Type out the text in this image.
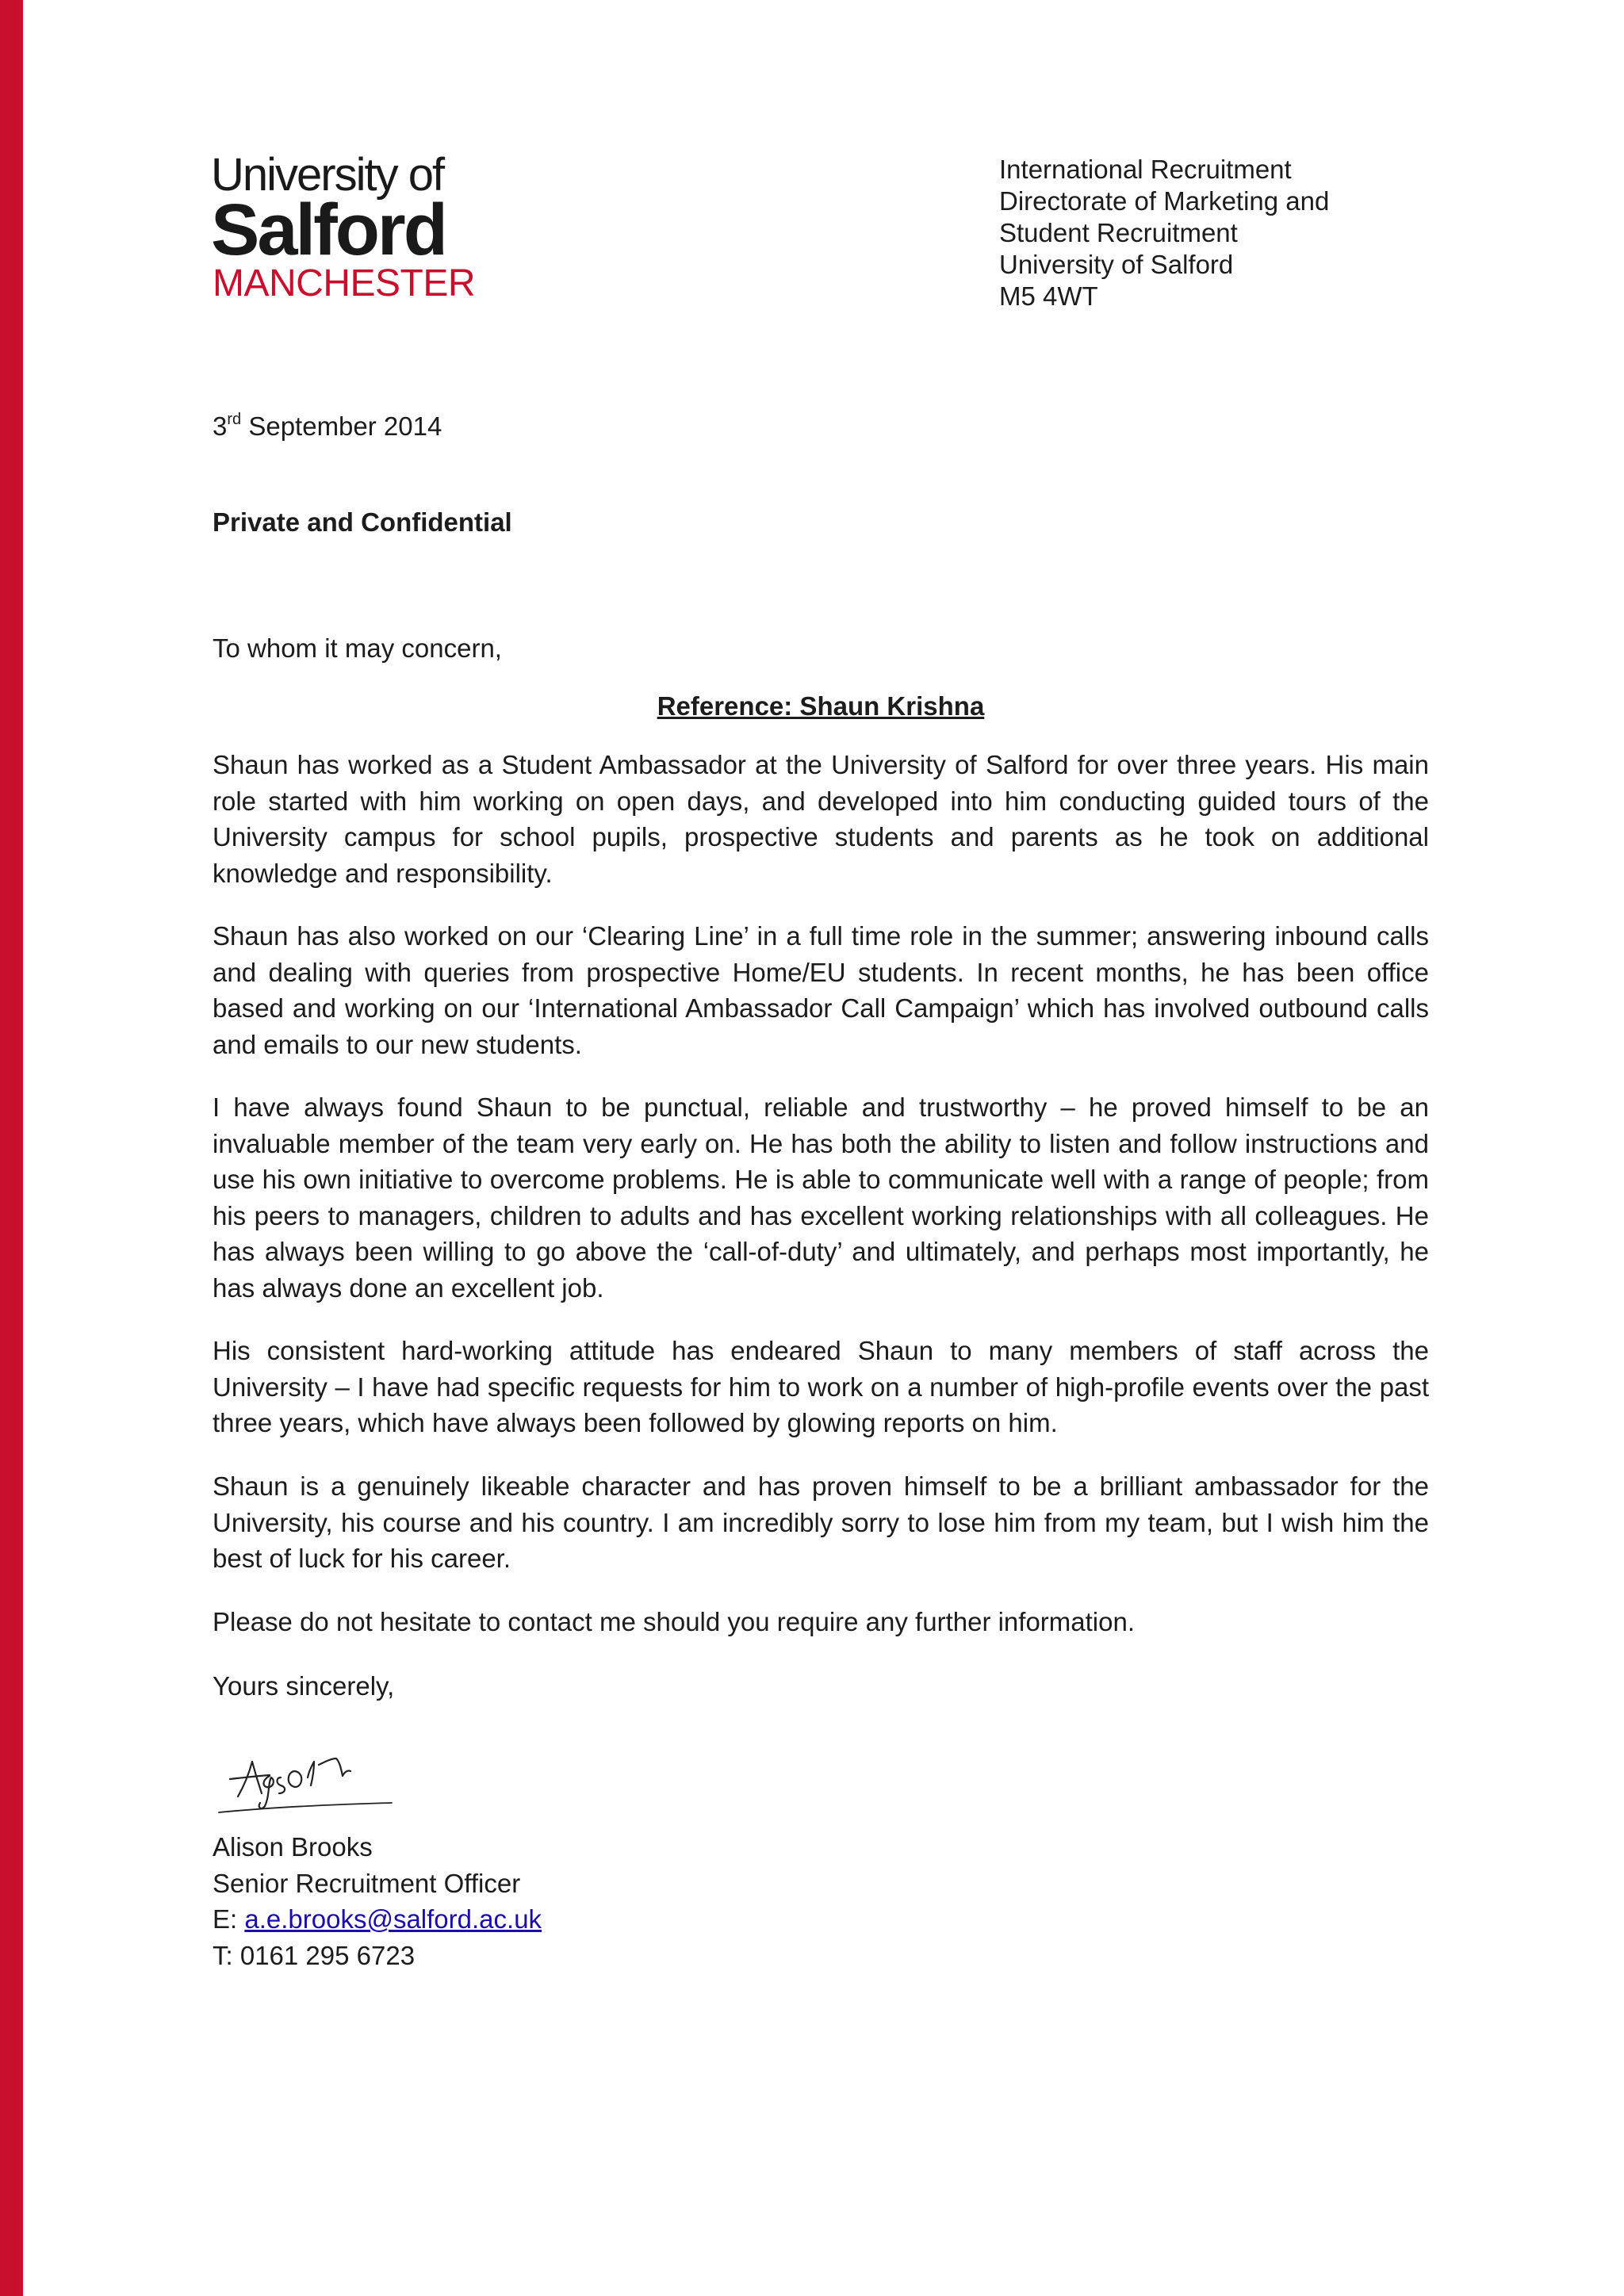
University of
Salford
MANCHESTER
International Recruitment
Directorate of Marketing and
Student Recruitment
University of Salford
M5 4WT
3rd September 2014
Private and Confidential
To whom it may concern,
Reference: Shaun Krishna

Shaun has worked as a Student Ambassador at the University of Salford for over three years. His main role started with him working on open days, and developed into him conducting guided tours of the University campus for school pupils, prospective students and parents as he took on additional knowledge and responsibility.

Shaun has also worked on our ‘Clearing Line’ in a full time role in the summer; answering inbound calls and dealing with queries from prospective Home/EU students. In recent months, he has been office based and working on our ‘International Ambassador Call Campaign’ which has involved outbound calls and emails to our new students.

I have always found Shaun to be punctual, reliable and trustworthy – he proved himself to be an invaluable member of the team very early on. He has both the ability to listen and follow instructions and use his own initiative to overcome problems. He is able to communicate well with a range of people; from his peers to managers, children to adults and has excellent working relationships with all colleagues. He has always been willing to go above the ‘call-of-duty’ and ultimately, and perhaps most importantly, he has always done an excellent job.

His consistent hard-working attitude has endeared Shaun to many members of staff across the University – I have had specific requests for him to work on a number of high-profile events over the past three years, which have always been followed by glowing reports on him.

Shaun is a genuinely likeable character and has proven himself to be a brilliant ambassador for the University, his course and his country. I am incredibly sorry to lose him from my team, but I wish him the best of luck for his career.

Please do not hesitate to contact me should you require any further information.

Yours sincerely,
Alison Brooks
Senior Recruitment Officer
E: a.e.brooks@salford.ac.uk
T: 0161 295 6723
